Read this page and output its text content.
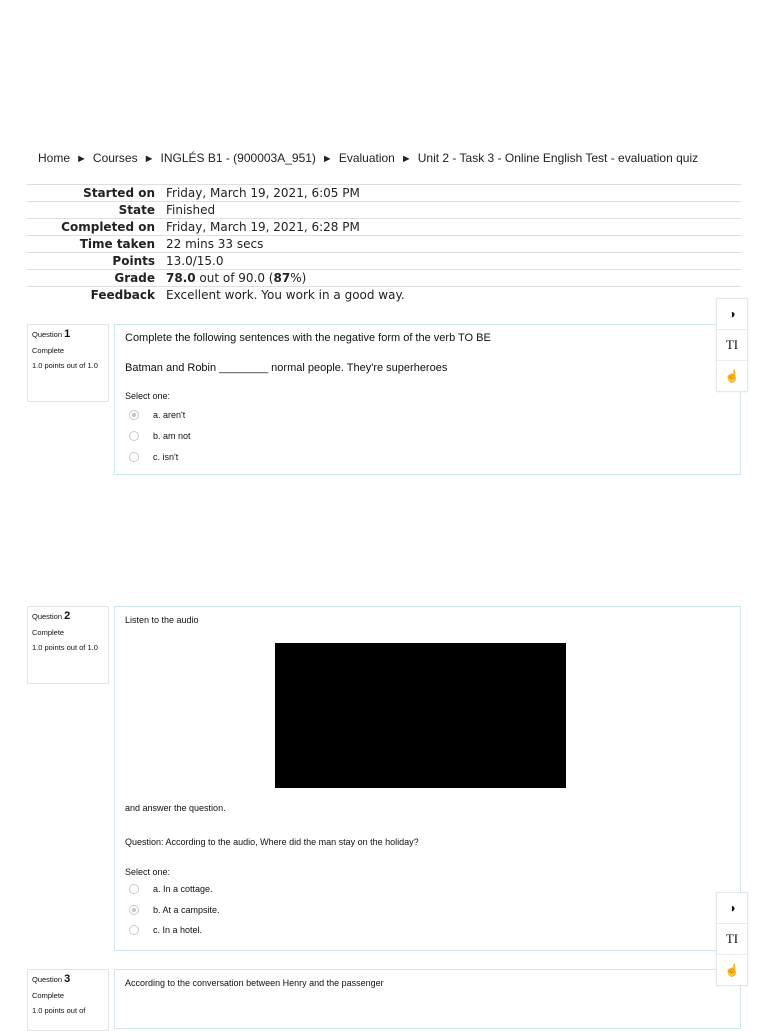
Home ► Courses ► INGLÉS B1 - (900003A_951) ► Evaluation ► Unit 2 - Task 3 - Online English Test - evaluation quiz
Started on	Friday, March 19, 2021, 6:05 PM
State	Finished
Completed on	Friday, March 19, 2021, 6:28 PM
Time taken	22 mins 33 secs
Points	13.0/15.0
Grade	78.0 out of 90.0 (87%)
Feedback	Excellent work. You work in a good way.
Question 1
Complete
1.0 points out of 1.0
Complete the following sentences with the negative form of the verb TO BE
Batman and Robin ________ normal people. They're superheroes
Select one:
a. aren't
b. am not
c. isn't
Question 2
Complete
1.0 points out of 1.0
Listen to the audio
and answer the question.
Question: According to the audio, Where did the man stay on the holiday?
Select one:
a. In a cottage.
b. At a campsite.
c. In a hotel.
Question 3
Complete
1.0 points out of
According to the conversation between Henry and the passenger
◑
TI
☝
◑
TI
☝
